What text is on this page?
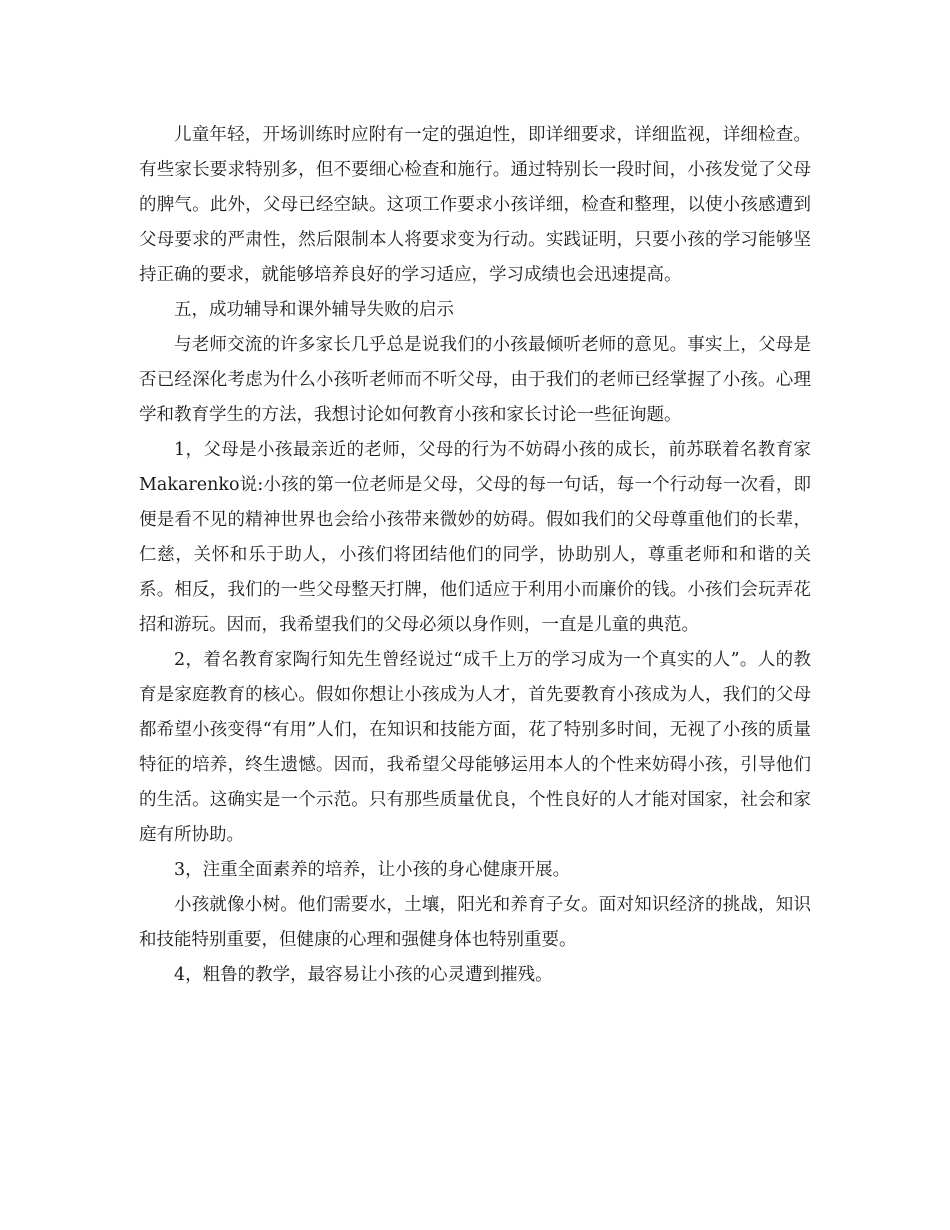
儿童年轻，开场训练时应附有一定的强迫性，即详细要求，详细监视，详细检查。有些家长要求特别多，但不要细心检查和施行。通过特别长一段时间，小孩发觉了父母的脾气。此外，父母已经空缺。这项工作要求小孩详细，检查和整理，以使小孩感遭到父母要求的严肃性，然后限制本人将要求变为行动。实践证明，只要小孩的学习能够坚持正确的要求，就能够培养良好的学习适应，学习成绩也会迅速提高。

五，成功辅导和课外辅导失败的启示

与老师交流的许多家长几乎总是说我们的小孩最倾听老师的意见。事实上，父母是否已经深化考虑为什么小孩听老师而不听父母，由于我们的老师已经掌握了小孩。心理学和教育学生的方法，我想讨论如何教育小孩和家长讨论一些征询题。

1，父母是小孩最亲近的老师，父母的行为不妨碍小孩的成长，前苏联着名教育家Makarenko说:小孩的第一位老师是父母，父母的每一句话，每一个行动每一次看，即便是看不见的精神世界也会给小孩带来微妙的妨碍。假如我们的父母尊重他们的长辈，仁慈，关怀和乐于助人，小孩们将团结他们的同学，协助别人，尊重老师和和谐的关系。相反，我们的一些父母整天打牌，他们适应于利用小而廉价的钱。小孩们会玩弄花招和游玩。因而，我希望我们的父母必须以身作则，一直是儿童的典范。

2，着名教育家陶行知先生曾经说过“成千上万的学习成为一个真实的人”。人的教育是家庭教育的核心。假如你想让小孩成为人才，首先要教育小孩成为人，我们的父母都希望小孩变得“有用”人们，在知识和技能方面，花了特别多时间，无视了小孩的质量特征的培养，终生遗憾。因而，我希望父母能够运用本人的个性来妨碍小孩，引导他们的生活。这确实是一个示范。只有那些质量优良，个性良好的人才能对国家，社会和家庭有所协助。

3，注重全面素养的培养，让小孩的身心健康开展。

小孩就像小树。他们需要水，土壤，阳光和养育子女。面对知识经济的挑战，知识和技能特别重要，但健康的心理和强健身体也特别重要。

4，粗鲁的教学，最容易让小孩的心灵遭到摧残。
